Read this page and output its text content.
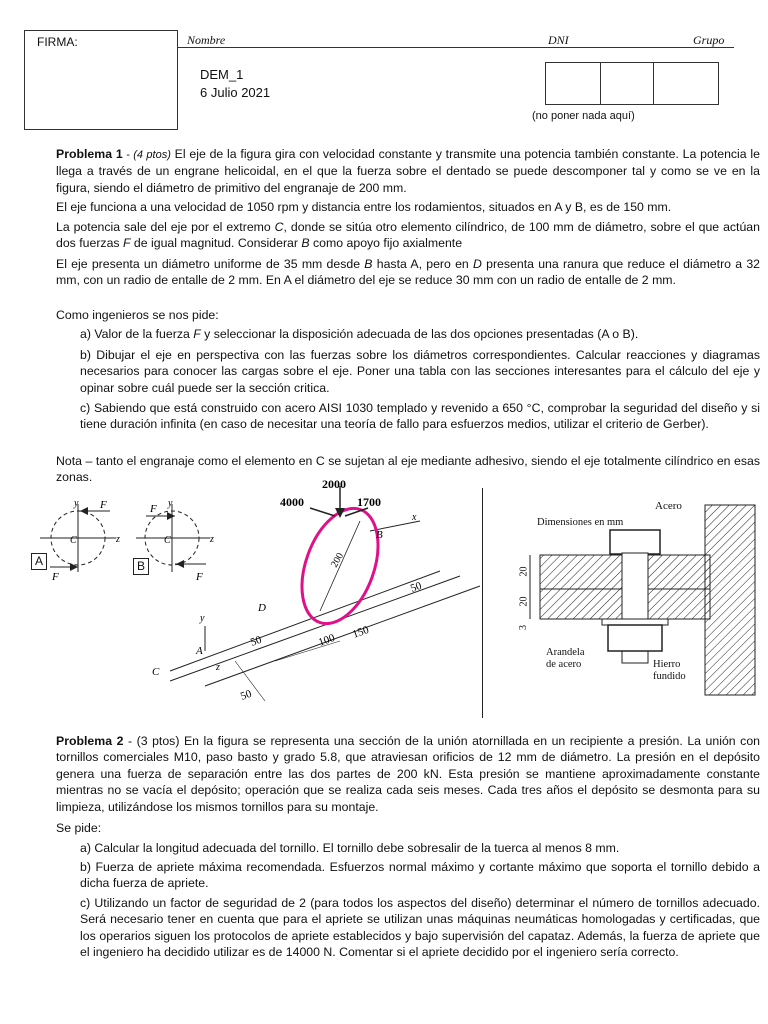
FIRMA:	Nombre	DNI	Grupo
DEM_1
6 Julio 2021
(no poner nada aquí)
Problema 1 - (4 ptos) El eje de la figura gira con velocidad constante y transmite una potencia también constante. La potencia le llega a través de un engrane helicoidal, en el que la fuerza sobre el dentado se puede descomponer tal y como se ve en la figura, siendo el diámetro de primitivo del engranaje de 200 mm.
El eje funciona a una velocidad de 1050 rpm y distancia entre los rodamientos, situados en A y B, es de 150 mm.
La potencia sale del eje por el extremo C, donde se sitúa otro elemento cilíndrico, de 100 mm de diámetro, sobre el que actúan dos fuerzas F de igual magnitud. Considerar B como apoyo fijo axialmente
El eje presenta un diámetro uniforme de 35 mm desde B hasta A, pero en D presenta una ranura que reduce el diámetro a 32 mm, con un radio de entalle de 2 mm. En A el diámetro del eje se reduce 30 mm con un radio de entalle de 2 mm.
Como ingenieros se nos pide:
a) Valor de la fuerza F y seleccionar la disposición adecuada de las dos opciones presentadas (A o B).
b) Dibujar el eje en perspectiva con las fuerzas sobre los diámetros correspondientes. Calcular reacciones y diagramas necesarios para conocer las cargas sobre el eje. Poner una tabla con las secciones interesantes para el cálculo del eje y opinar sobre cuál puede ser la sección critica.
c) Sabiendo que está construido con acero AISI 1030 templado y revenido a 650 °C, comprobar la seguridad del diseño y si tiene duración infinita (en caso de necesitar una teoría de fallo para esfuerzos medios, utilizar el criterio de Gerber).
Nota – tanto el engranaje como el elemento en C se sujetan al eje mediante adhesivo, siendo el eje totalmente cilíndrico en esas zonas.
F
F
y
z
C
F
F
y
z
C
2000
4000	1700
200
x
y
z
B
D
A
C
50	100 150
50
50
A	B
Acero
Dimensiones en mm
20
20
3
Arandela
de acero	Hierro
fundido
Problema 2 - (3 ptos) En la figura se representa una sección de la unión atornillada en un recipiente a presión. La unión con tornillos comerciales M10, paso basto y grado 5.8, que atraviesan orificios de 12 mm de diámetro. La presión en el depósito genera una fuerza de separación entre las dos partes de 200 kN. Esta presión se mantiene aproximadamente constante mientras no se vacía el depósito; operación que se realiza cada seis meses. Cada tres años el depósito se desmonta para su limpieza, utilizándose los mismos tornillos para su montaje.
Se pide:
a) Calcular la longitud adecuada del tornillo. El tornillo debe sobresalir de la tuerca al menos 8 mm.
b) Fuerza de apriete máxima recomendada. Esfuerzos normal máximo y cortante máximo que soporta el tornillo debido a dicha fuerza de apriete.
c) Utilizando un factor de seguridad de 2 (para todos los aspectos del diseño) determinar el número de tornillos adecuado. Será necesario tener en cuenta que para el apriete se utilizan unas máquinas neumáticas homologadas y certificadas, que los operarios siguen los protocolos de apriete establecidos y bajo supervisión del capataz. Además, la fuerza de apriete que el ingeniero ha decidido utilizar es de 14000 N. Comentar si el apriete decidido por el ingeniero sería correcto.
